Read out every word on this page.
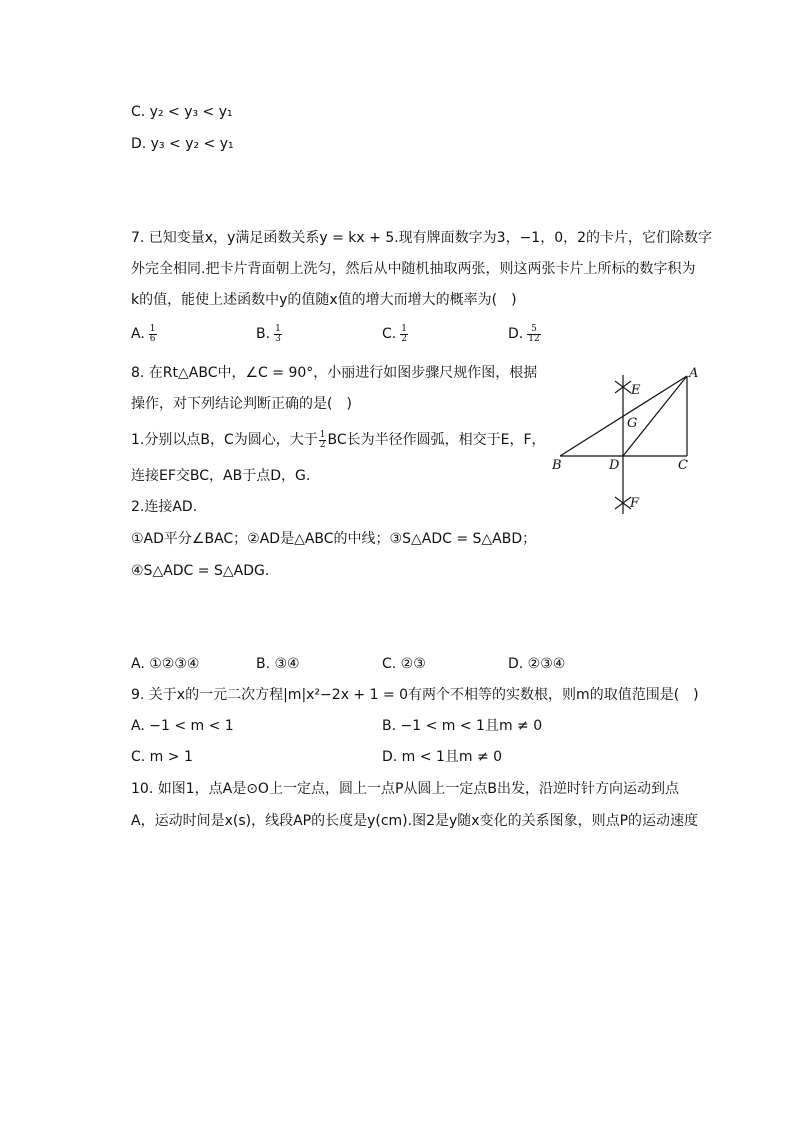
C. y₂ < y₃ < y₁
D. y₃ < y₂ < y₁
7. 已知变量x，y满足函数关系y = kx + 5.现有牌面数字为3，−1，0，2的卡片，它们除数字
外完全相同.把卡片背面朝上洗匀，然后从中随机抽取两张，则这两张卡片上所标的数字积为
k的值，能使上述函数中y的值随x值的增大而增大的概率为(　)
A. $\frac{1}{6}$	B. $\frac{1}{3}$	C. $\frac{1}{2}$	D. $\frac{5}{12}$
8. 在Rt△ABC中，∠C = 90°，小丽进行如图步骤尺规作图，根据
操作，对下列结论判断正确的是(　)
1.分别以点B，C为圆心，大于 $\frac{1}{2}$ BC长为半径作圆弧，相交于E，F，
连接EF交BC，AB于点D，G.
2.连接AD.
①AD平分∠BAC；②AD是△ABC的中线；③S△ADC = S△ABD；
④S△ADC = S△ADG.
A
B	C
D
E
F
G
A. ①②③④	B. ③④	C. ②③	D. ②③④
9. 关于x的一元二次方程|m|x²−2x + 1 = 0有两个不相等的实数根，则m的取值范围是(　)
A. −1 < m < 1	B. −1 < m < 1且m ≠ 0
C. m > 1	D. m < 1且m ≠ 0
10. 如图1，点A是⊙O上一定点，圆上一点P从圆上一定点B出发，沿逆时针方向运动到点
A，运动时间是x(s)，线段AP的长度是y(cm).图2是y随x变化的关系图象，则点P的运动速度
